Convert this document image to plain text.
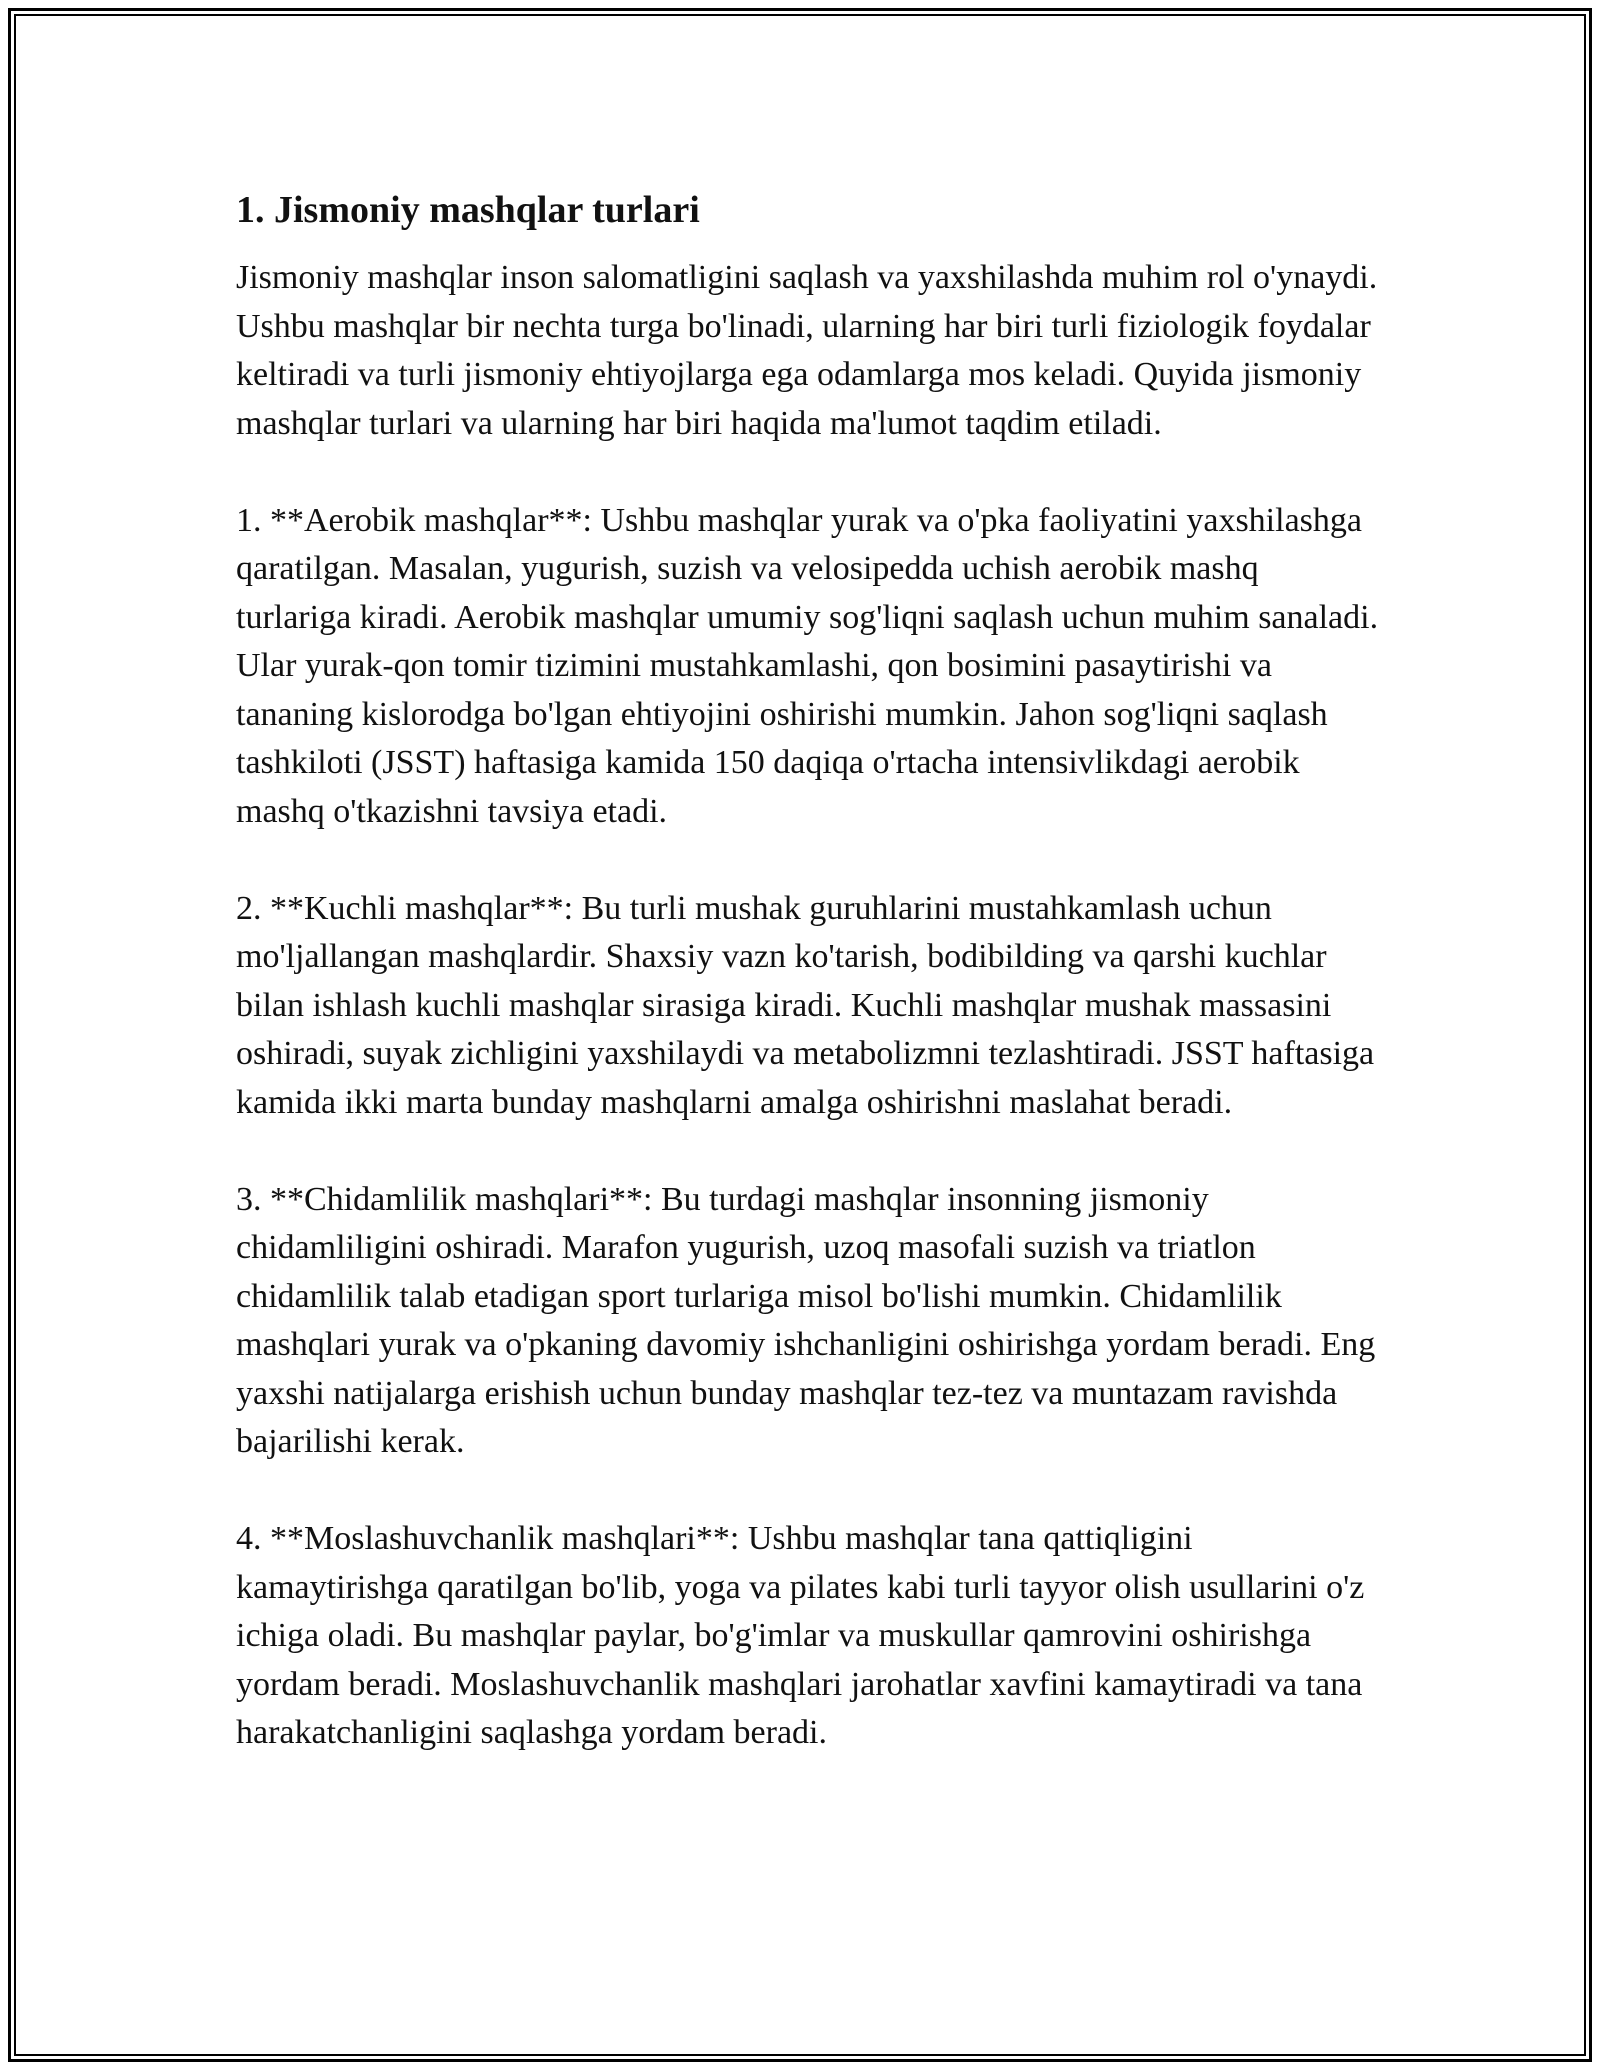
1. Jismoniy mashqlar turlari

Jismoniy mashqlar inson salomatligini saqlash va yaxshilashda muhim rol o'ynaydi. Ushbu mashqlar bir nechta turga bo'linadi, ularning har biri turli fiziologik foydalar keltiradi va turli jismoniy ehtiyojlarga ega odamlarga mos keladi. Quyida jismoniy mashqlar turlari va ularning har biri haqida ma'lumot taqdim etiladi.

1. **Aerobik mashqlar**: Ushbu mashqlar yurak va o'pka faoliyatini yaxshilashga qaratilgan. Masalan, yugurish, suzish va velosipedda uchish aerobik mashq turlariga kiradi. Aerobik mashqlar umumiy sog'liqni saqlash uchun muhim sanaladi. Ular yurak-qon tomir tizimini mustahkamlashi, qon bosimini pasaytirishi va tananing kislorodga bo'lgan ehtiyojini oshirishi mumkin. Jahon sog'liqni saqlash tashkiloti (JSST) haftasiga kamida 150 daqiqa o'rtacha intensivlikdagi aerobik mashq o'tkazishni tavsiya etadi.

2. **Kuchli mashqlar**: Bu turli mushak guruhlarini mustahkamlash uchun mo'ljallangan mashqlardir. Shaxsiy vazn ko'tarish, bodibilding va qarshi kuchlar bilan ishlash kuchli mashqlar sirasiga kiradi. Kuchli mashqlar mushak massasini oshiradi, suyak zichligini yaxshilaydi va metabolizmni tezlashtiradi. JSST haftasiga kamida ikki marta bunday mashqlarni amalga oshirishni maslahat beradi.

3. **Chidamlilik mashqlari**: Bu turdagi mashqlar insonning jismoniy chidamliligini oshiradi. Marafon yugurish, uzoq masofali suzish va triatlon chidamlilik talab etadigan sport turlariga misol bo'lishi mumkin. Chidamlilik mashqlari yurak va o'pkaning davomiy ishchanligini oshirishga yordam beradi. Eng yaxshi natijalarga erishish uchun bunday mashqlar tez-tez va muntazam ravishda bajarilishi kerak.

4. **Moslashuvchanlik mashqlari**: Ushbu mashqlar tana qattiqligini kamaytirishga qaratilgan bo'lib, yoga va pilates kabi turli tayyor olish usullarini o'z ichiga oladi. Bu mashqlar paylar, bo'g'imlar va muskullar qamrovini oshirishga yordam beradi. Moslashuvchanlik mashqlari jarohatlar xavfini kamaytiradi va tana harakatchanligini saqlashga yordam beradi.
